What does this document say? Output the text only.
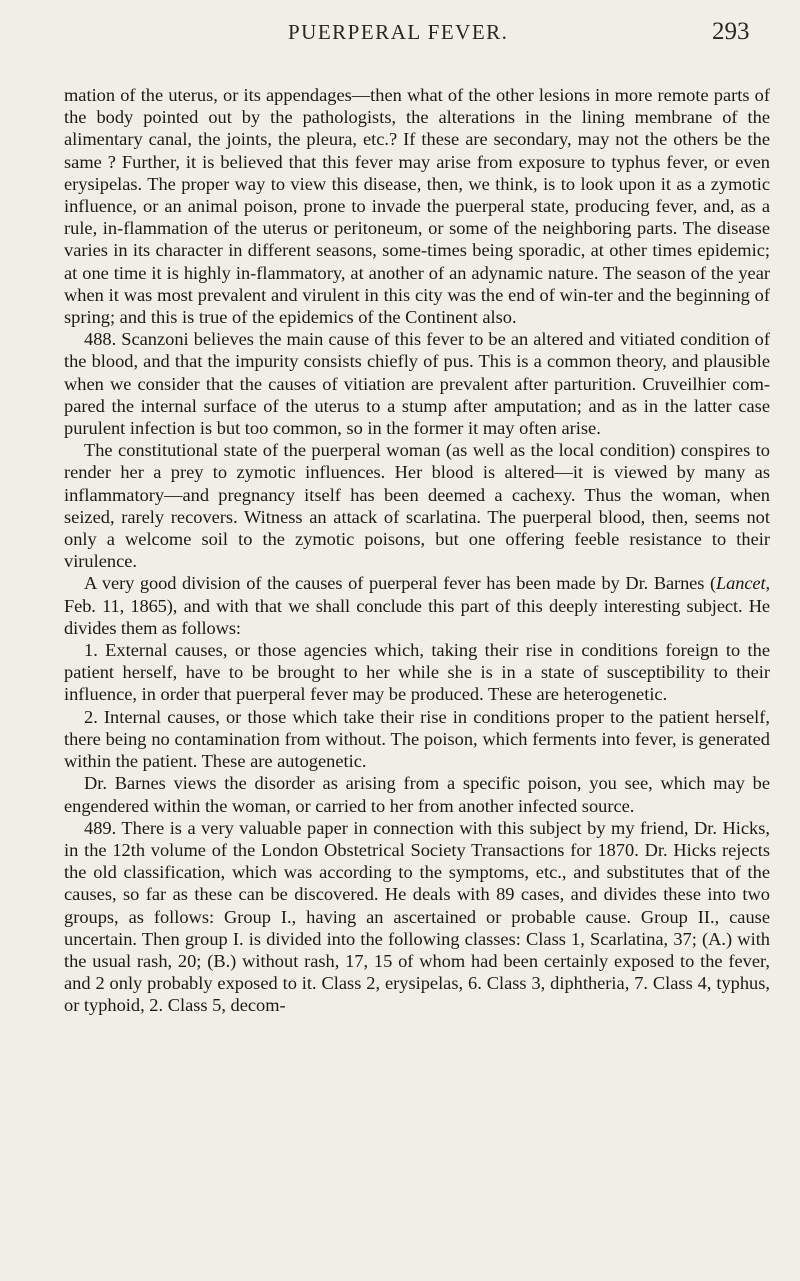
PUERPERAL FEVER.	293

mation of the uterus, or its appendages—then what of the other lesions in more remote parts of the body pointed out by the pathologists, the alterations in the lining membrane of the alimentary canal, the joints, the pleura, etc.? If these are secondary, may not the others be the same ? Further, it is believed that this fever may arise from exposure to typhus fever, or even erysipelas. The proper way to view this disease, then, we think, is to look upon it as a zymotic influence, or an animal poison, prone to invade the puerperal state, producing fever, and, as a rule, in-flammation of the uterus or peritoneum, or some of the neighboring parts. The disease varies in its character in different seasons, some-times being sporadic, at other times epidemic; at one time it is highly in-flammatory, at another of an adynamic nature. The season of the year when it was most prevalent and virulent in this city was the end of win-ter and the beginning of spring; and this is true of the epidemics of the Continent also.

488. Scanzoni believes the main cause of this fever to be an altered and vitiated condition of the blood, and that the impurity consists chiefly of pus. This is a common theory, and plausible when we consider that the causes of vitiation are prevalent after parturition. Cruveilhier com-pared the internal surface of the uterus to a stump after amputation; and as in the latter case purulent infection is but too common, so in the former it may often arise.

The constitutional state of the puerperal woman (as well as the local condition) conspires to render her a prey to zymotic influences. Her blood is altered—it is viewed by many as inflammatory—and pregnancy itself has been deemed a cachexy. Thus the woman, when seized, rarely recovers. Witness an attack of scarlatina. The puerperal blood, then, seems not only a welcome soil to the zymotic poisons, but one offering feeble resistance to their virulence.

A very good division of the causes of puerperal fever has been made by Dr. Barnes (Lancet, Feb. 11, 1865), and with that we shall conclude this part of this deeply interesting subject. He divides them as follows:

1. External causes, or those agencies which, taking their rise in conditions foreign to the patient herself, have to be brought to her while she is in a state of susceptibility to their influence, in order that puerperal fever may be produced. These are heterogenetic.

2. Internal causes, or those which take their rise in conditions proper to the patient herself, there being no contamination from without. The poison, which ferments into fever, is generated within the patient. These are autogenetic.

Dr. Barnes views the disorder as arising from a specific poison, you see, which may be engendered within the woman, or carried to her from another infected source.

489. There is a very valuable paper in connection with this subject by my friend, Dr. Hicks, in the 12th volume of the London Obstetrical Society Transactions for 1870. Dr. Hicks rejects the old classification, which was according to the symptoms, etc., and substitutes that of the causes, so far as these can be discovered. He deals with 89 cases, and divides these into two groups, as follows: Group I., having an ascertained or probable cause. Group II., cause uncertain. Then group I. is divided into the following classes: Class 1, Scarlatina, 37; (A.) with the usual rash, 20; (B.) without rash, 17, 15 of whom had been certainly exposed to the fever, and 2 only probably exposed to it. Class 2, erysipelas, 6. Class 3, diphtheria, 7. Class 4, typhus, or typhoid, 2. Class 5, decom-
